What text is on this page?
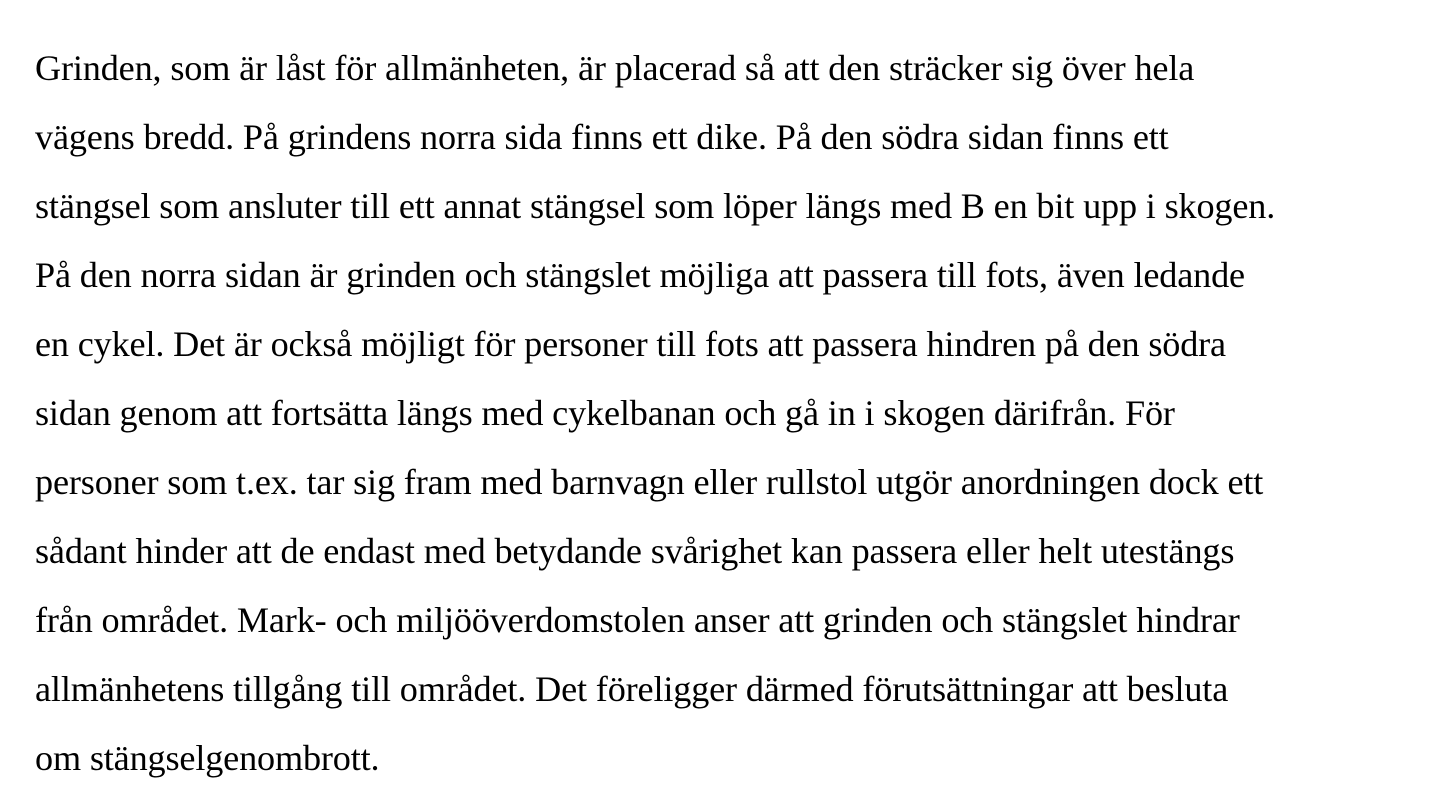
Grinden, som är låst för allmänheten, är placerad så att den sträcker sig över hela
vägens bredd. På grindens norra sida finns ett dike. På den södra sidan finns ett
stängsel som ansluter till ett annat stängsel som löper längs med B en bit upp i skogen.
På den norra sidan är grinden och stängslet möjliga att passera till fots, även ledande
en cykel. Det är också möjligt för personer till fots att passera hindren på den södra
sidan genom att fortsätta längs med cykelbanan och gå in i skogen därifrån. För
personer som t.ex. tar sig fram med barnvagn eller rullstol utgör anordningen dock ett
sådant hinder att de endast med betydande svårighet kan passera eller helt utestängs
från området. Mark- och miljööverdomstolen anser att grinden och stängslet hindrar
allmänhetens tillgång till området. Det föreligger därmed förutsättningar att besluta
om stängselgenombrott.
